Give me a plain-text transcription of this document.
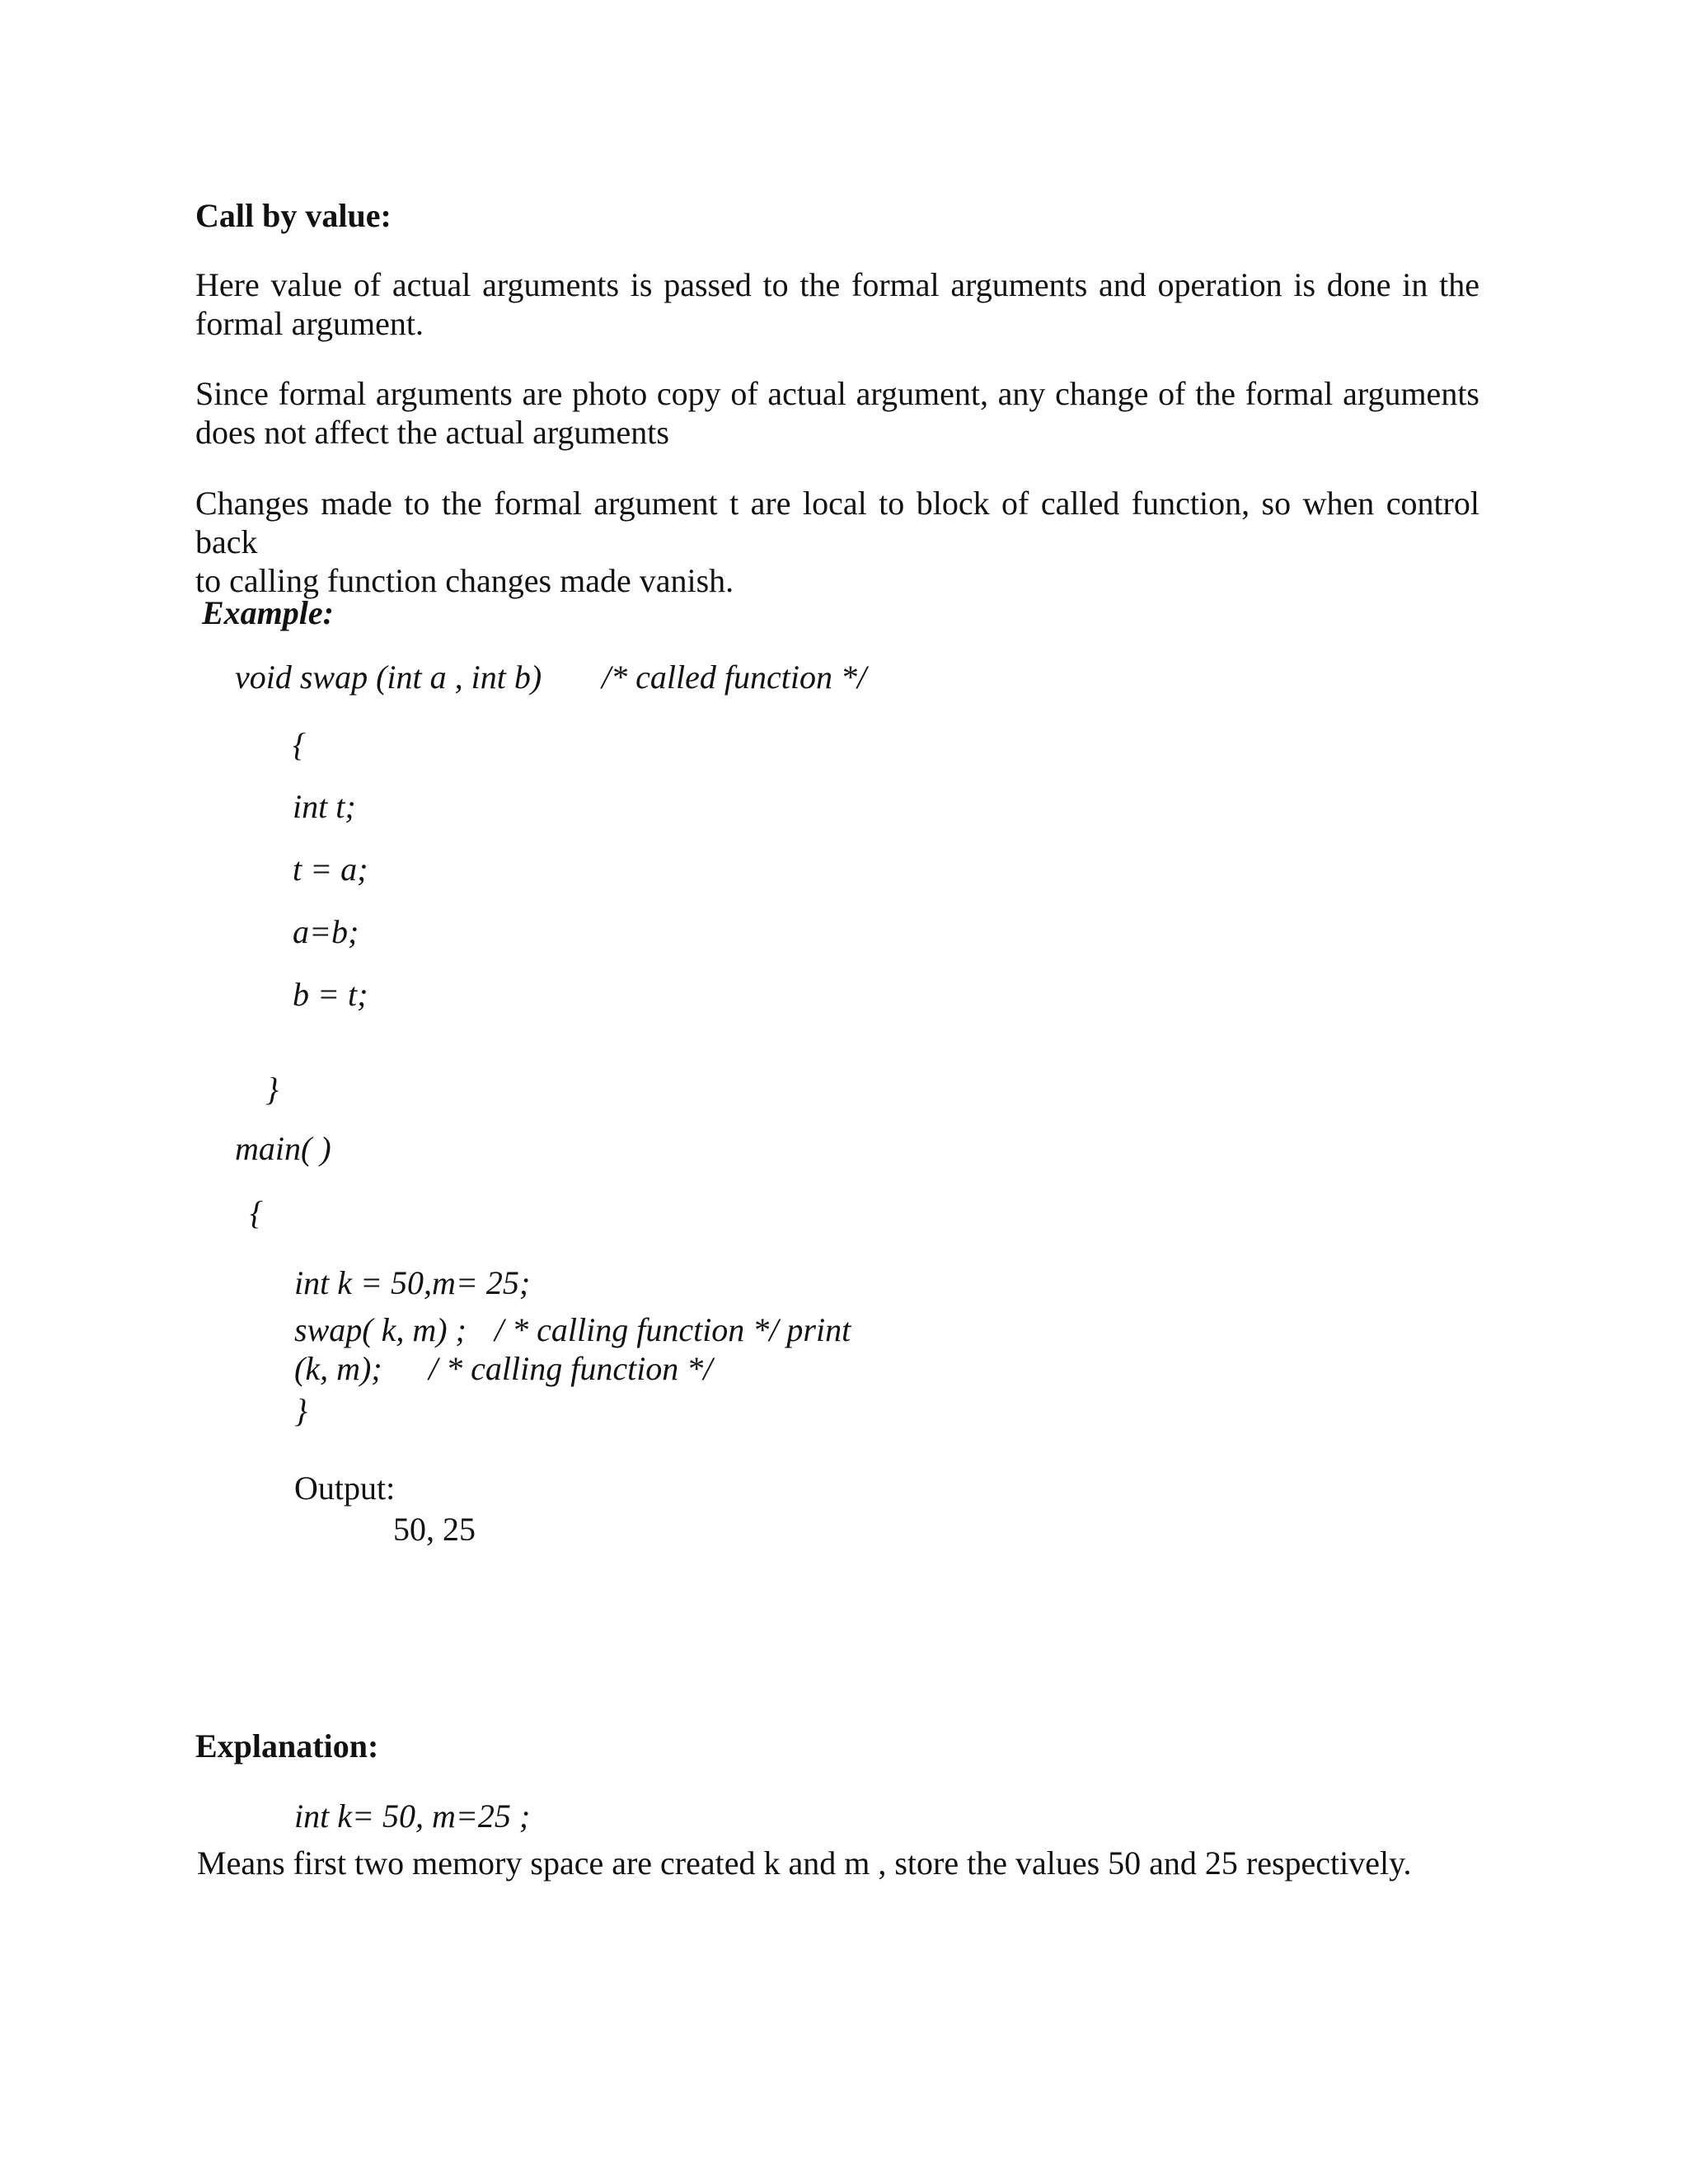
Call by value:
Here value of actual arguments is passed to the formal arguments and operation is done in the
formal argument.
Since formal arguments are photo copy of actual argument, any change of the formal arguments
does not affect the actual arguments
Changes made to the formal argument t are local to block of called function, so when control back
to calling function changes made vanish.
Example:
void swap (int a , int b) /* called function */
{
int t;
t = a;
a=b;
b = t;
}
main( )
{
int k = 50,m= 25;
swap( k, m) ; / * calling function */ print
(k, m); / * calling function */
}
Output:
50, 25
Explanation:
int k= 50, m=25 ;
Means first two memory space are created k and m , store the values 50 and 25 respectively.
